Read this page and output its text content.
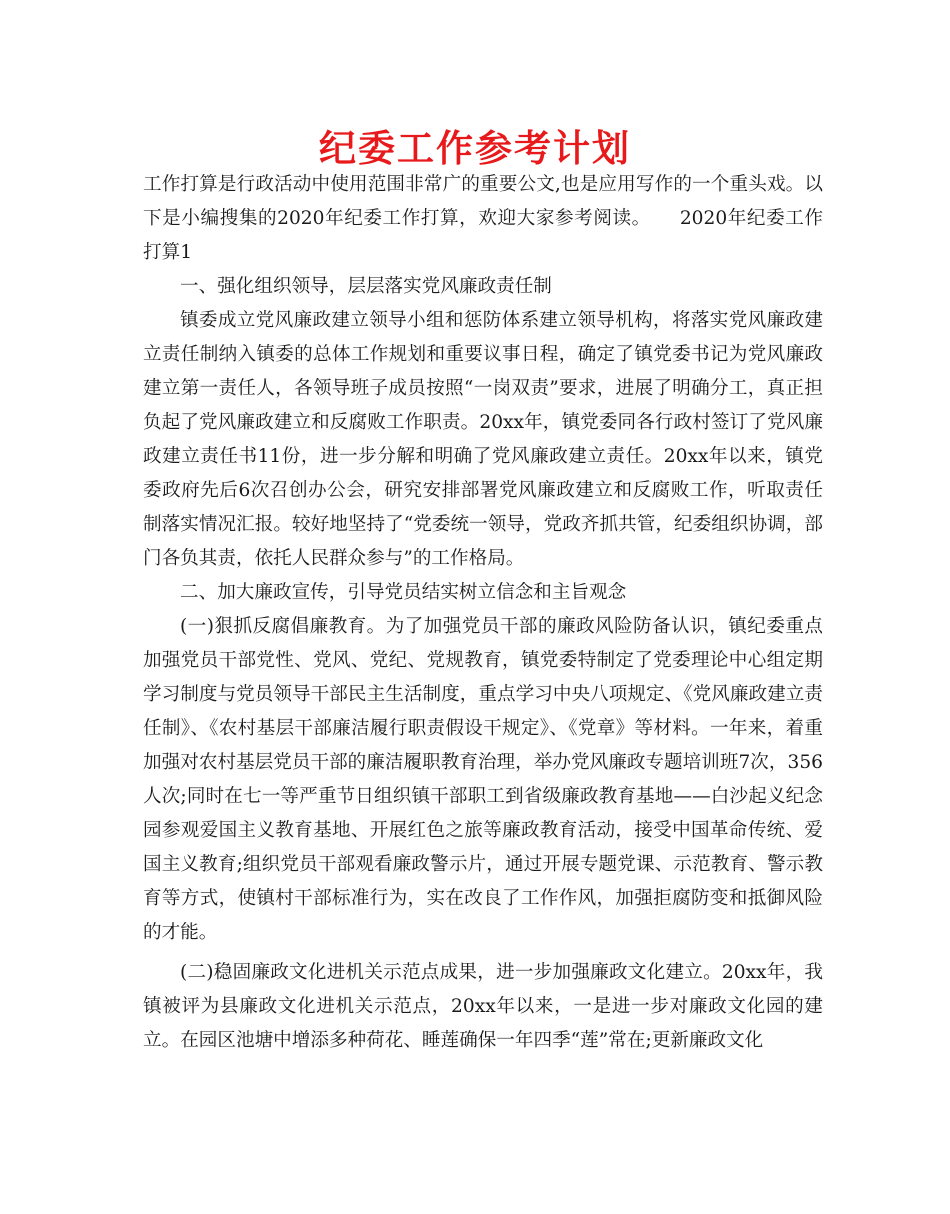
纪委工作参考计划

工作打算是行政活动中使用范围非常广的重要公文,也是应用写作的一个重头戏。以下是小编搜集的2020年纪委工作打算，欢迎大家参考阅读。　　2020年纪委工作打算1

一、强化组织领导，层层落实党风廉政责任制

镇委成立党风廉政建立领导小组和惩防体系建立领导机构，将落实党风廉政建立责任制纳入镇委的总体工作规划和重要议事日程，确定了镇党委书记为党风廉政建立第一责任人，各领导班子成员按照“一岗双责”要求，进展了明确分工，真正担负起了党风廉政建立和反腐败工作职责。20xx年，镇党委同各行政村签订了党风廉政建立责任书11份，进一步分解和明确了党风廉政建立责任。20xx年以来，镇党委政府先后6次召创办公会，研究安排部署党风廉政建立和反腐败工作，听取责任制落实情况汇报。较好地坚持了“党委统一领导，党政齐抓共管，纪委组织协调，部门各负其责，依托人民群众参与”的工作格局。

二、加大廉政宣传，引导党员结实树立信念和主旨观念

(一)狠抓反腐倡廉教育。为了加强党员干部的廉政风险防备认识，镇纪委重点加强党员干部党性、党风、党纪、党规教育，镇党委特制定了党委理论中心组定期学习制度与党员领导干部民主生活制度，重点学习中央八项规定、《党风廉政建立责任制》、《农村基层干部廉洁履行职责假设干规定》、《党章》等材料。一年来，着重加强对农村基层党员干部的廉洁履职教育治理，举办党风廉政专题培训班7次，356人次;同时在七一等严重节日组织镇干部职工到省级廉政教育基地——白沙起义纪念园参观爱国主义教育基地、开展红色之旅等廉政教育活动，接受中国革命传统、爱国主义教育;组织党员干部观看廉政警示片，通过开展专题党课、示范教育、警示教育等方式，使镇村干部标准行为，实在改良了工作作风，加强拒腐防变和抵御风险的才能。

(二)稳固廉政文化进机关示范点成果，进一步加强廉政文化建立。20xx年，我镇被评为县廉政文化进机关示范点，20xx年以来，一是进一步对廉政文化园的建立。在园区池塘中增添多种荷花、睡莲确保一年四季“莲”常在;更新廉政文化
